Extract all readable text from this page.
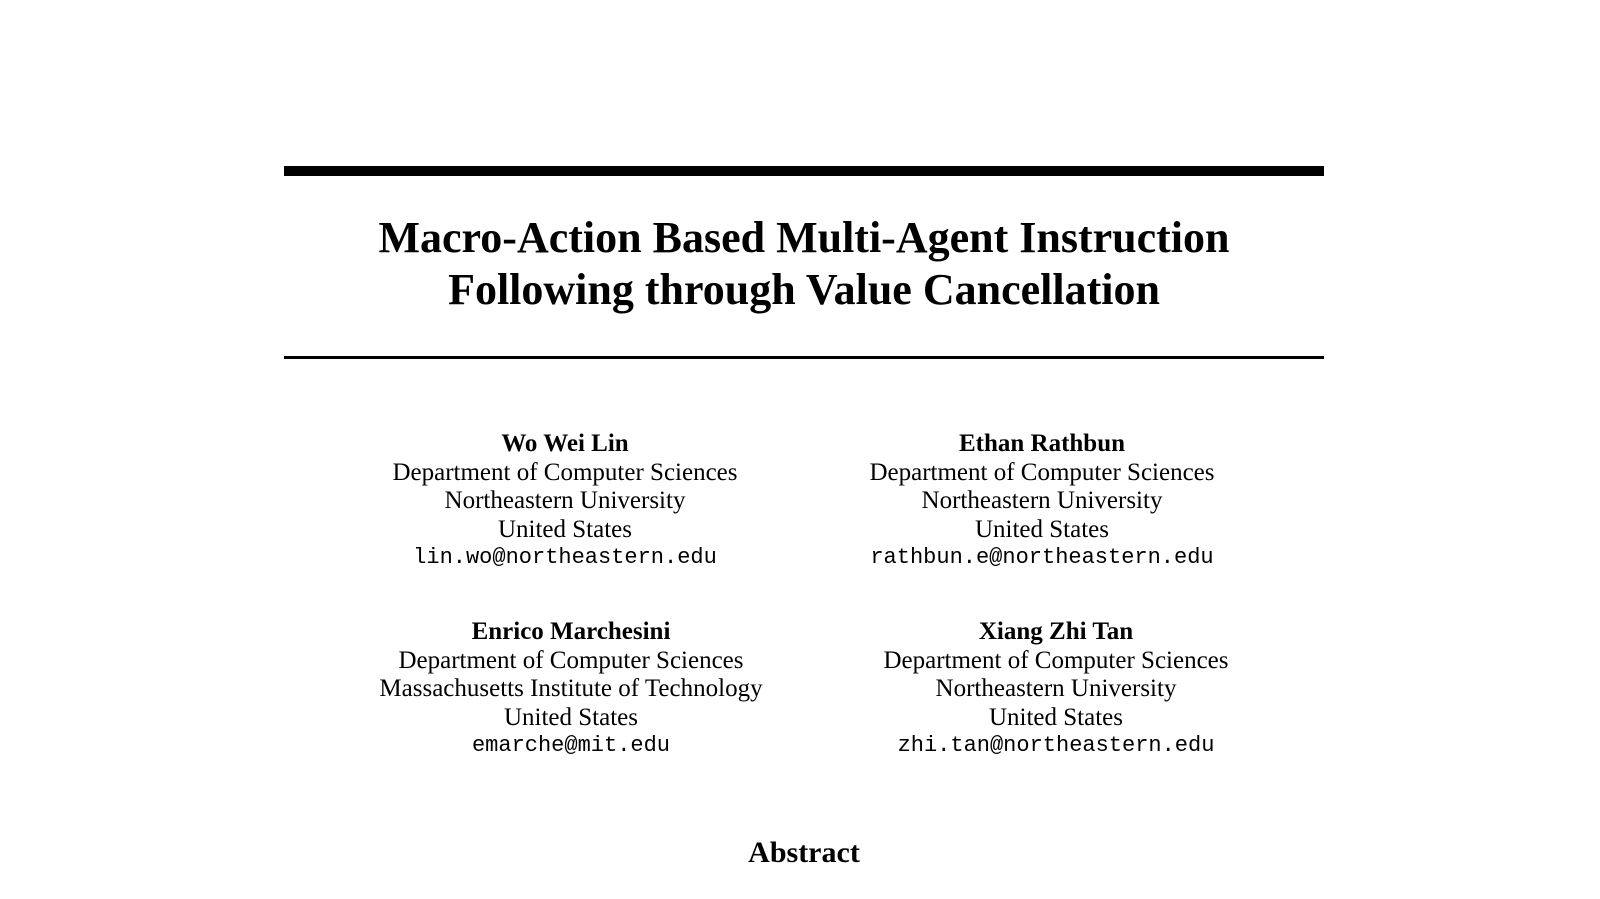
Macro-Action Based Multi-Agent Instruction
Following through Value Cancellation
Wo Wei Lin
Department of Computer Sciences
Northeastern University
United States
lin.wo@northeastern.edu
Ethan Rathbun
Department of Computer Sciences
Northeastern University
United States
rathbun.e@northeastern.edu
Enrico Marchesini
Department of Computer Sciences
Massachusetts Institute of Technology
United States
emarche@mit.edu
Xiang Zhi Tan
Department of Computer Sciences
Northeastern University
United States
zhi.tan@northeastern.edu
Abstract
